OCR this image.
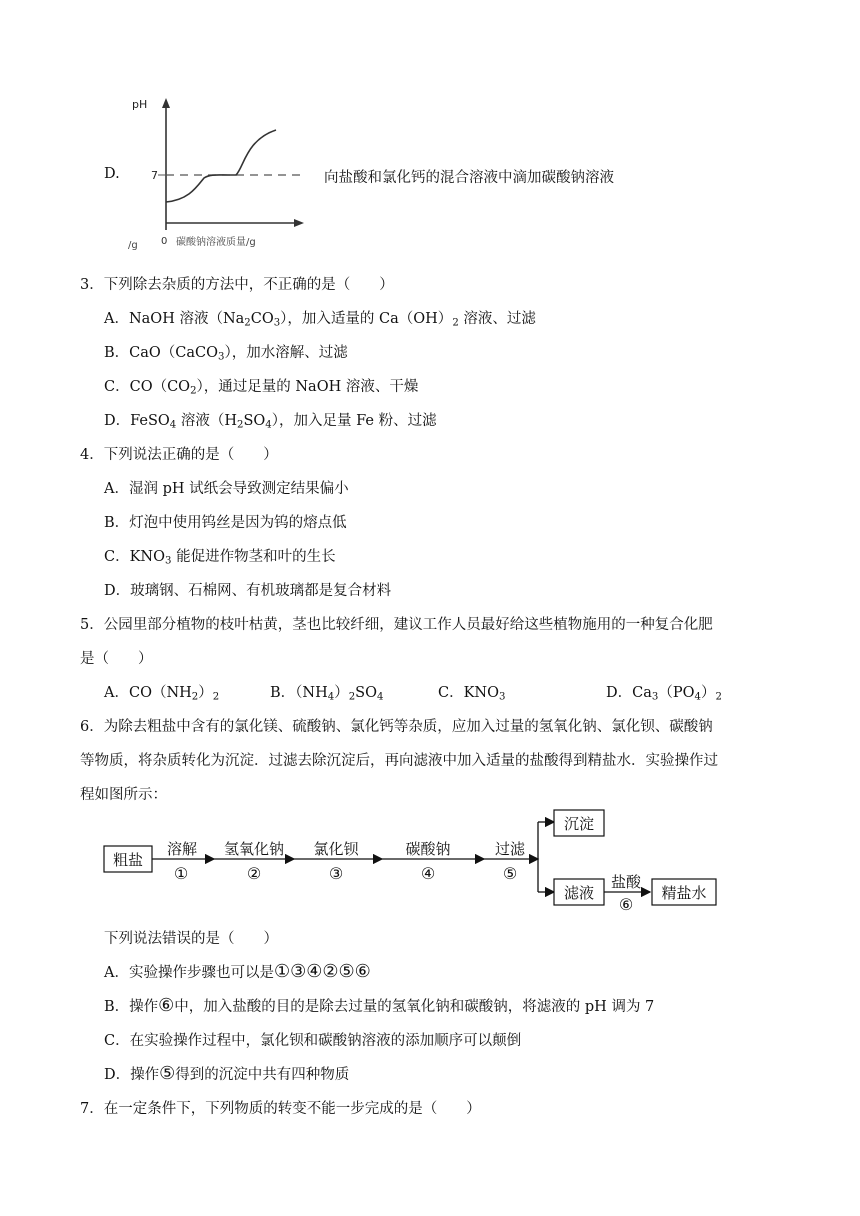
D.
pH
7
0 碳酸钠溶液质量/g
/g
向盐酸和氯化钙的混合溶液中滴加碳酸钠溶液
3．下列除去杂质的方法中，不正确的是（　　）
A．NaOH 溶液$(Na_2CO_3)$，加入适量的 $Ca(OH)_2$ 溶液、过滤
B．CaO（CaCO$_3$），加水溶解、过滤
C．$CO(CO_2)$，通过足量的 NaOH 溶液、干燥
D．FeSO$_4$ 溶液$(H_2SO_4)$，加入足量 Fe 粉、过滤
4．下列说法正确的是（　　）
A．湿润 pH 试纸会导致测定结果偏小
B．灯泡中使用钨丝是因为钨的熔点低
C．$KNO_3$ 能促进作物茎和叶的生长
D．玻璃钢、石棉网、有机玻璃都是复合材料
5．公园里部分植物的枝叶枯黄，茎也比较纤细，建议工作人员最好给这些植物施用的一种复合化肥
是（　　）
A．$CO(NH_2)_2$	B．$(NH_4)_2SO_4$	C．$KNO_3$	D．$Ca_3(PO_4)_2$
6．为除去粗盐中含有的氯化镁、硫酸钠、氯化钙等杂质，应加入过量的氢氧化钠、氯化钡、碳酸钠
等物质，将杂质转化为沉淀．过滤去除沉淀后，再向滤液中加入适量的盐酸得到精盐水．实验操作过
程如图所示：
粗盐
溶解
①
氢氧化钠
②
氯化钡
③
碳酸钠
④
过滤
⑤
沉淀
滤液
盐酸
⑥
精盐水
下列说法错误的是（　　）
A．实验操作步骤也可以是①③④②⑤⑥
B．操作⑥中，加入盐酸的目的是除去过量的氢氧化钠和碳酸钠，将滤液的 pH 调为 7
C．在实验操作过程中，氯化钡和碳酸钠溶液的添加顺序可以颠倒
D．操作⑤得到的沉淀中共有四种物质
7．在一定条件下，下列物质的转变不能一步完成的是（　　）
